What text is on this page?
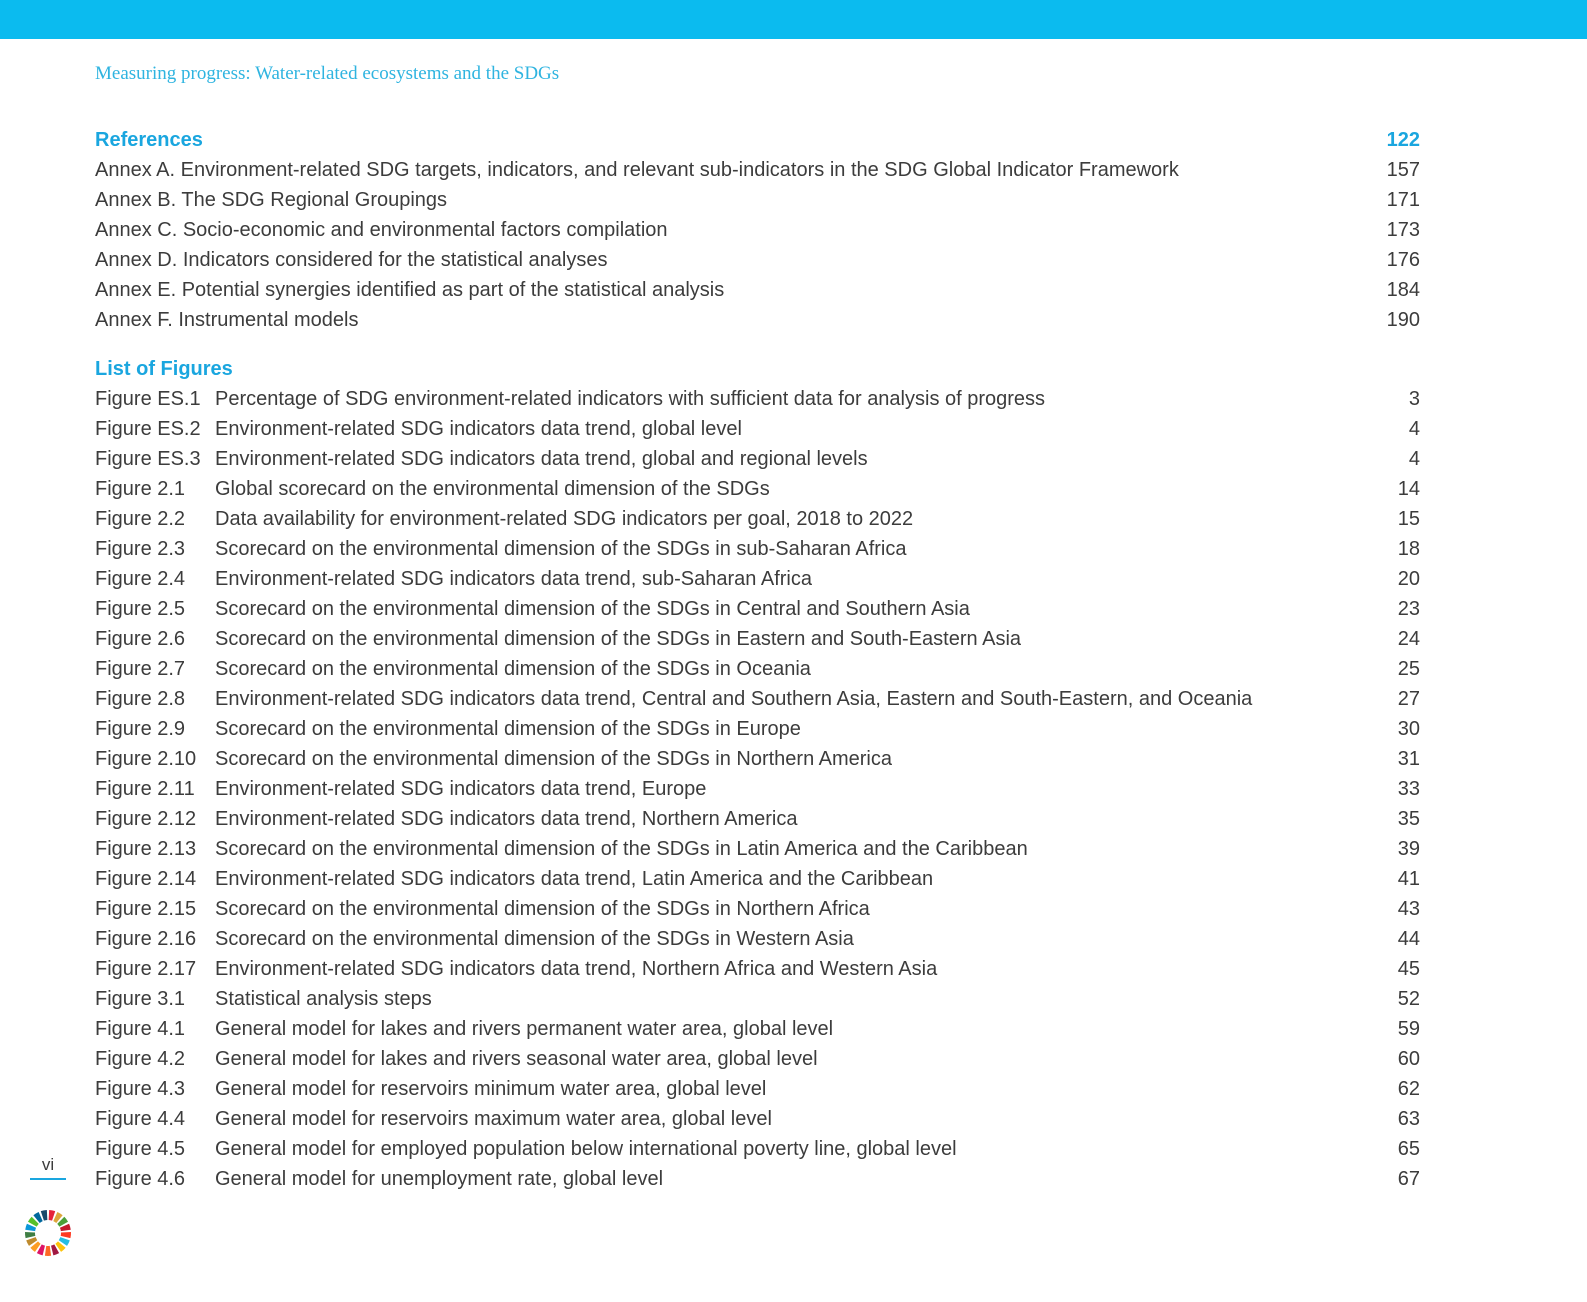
Measuring progress: Water-related ecosystems and the SDGs
References	122
Annex A. Environment-related SDG targets, indicators, and relevant sub-indicators in the SDG Global Indicator Framework	157
Annex B. The SDG Regional Groupings	171
Annex C. Socio-economic and environmental factors compilation	173
Annex D. Indicators considered for the statistical analyses	176
Annex E. Potential synergies identified as part of the statistical analysis	184
Annex F. Instrumental models	190
List of Figures
Figure ES.1 Percentage of SDG environment-related indicators with sufficient data for analysis of progress	3
Figure ES.2 Environment-related SDG indicators data trend, global level	4
Figure ES.3 Environment-related SDG indicators data trend, global and regional levels	4
Figure 2.1 Global scorecard on the environmental dimension of the SDGs	14
Figure 2.2 Data availability for environment-related SDG indicators per goal, 2018 to 2022	15
Figure 2.3 Scorecard on the environmental dimension of the SDGs in sub-Saharan Africa	18
Figure 2.4 Environment-related SDG indicators data trend, sub-Saharan Africa	20
Figure 2.5 Scorecard on the environmental dimension of the SDGs in Central and Southern Asia	23
Figure 2.6 Scorecard on the environmental dimension of the SDGs in Eastern and South-Eastern Asia	24
Figure 2.7 Scorecard on the environmental dimension of the SDGs in Oceania	25
Figure 2.8 Environment-related SDG indicators data trend, Central and Southern Asia, Eastern and South-Eastern, and Oceania	27
Figure 2.9 Scorecard on the environmental dimension of the SDGs in Europe	30
Figure 2.10 Scorecard on the environmental dimension of the SDGs in Northern America	31
Figure 2.11 Environment-related SDG indicators data trend, Europe	33
Figure 2.12 Environment-related SDG indicators data trend, Northern America	35
Figure 2.13 Scorecard on the environmental dimension of the SDGs in Latin America and the Caribbean	39
Figure 2.14 Environment-related SDG indicators data trend, Latin America and the Caribbean	41
Figure 2.15 Scorecard on the environmental dimension of the SDGs in Northern Africa	43
Figure 2.16 Scorecard on the environmental dimension of the SDGs in Western Asia	44
Figure 2.17 Environment-related SDG indicators data trend, Northern Africa and Western Asia	45
Figure 3.1 Statistical analysis steps	52
Figure 4.1 General model for lakes and rivers permanent water area, global level	59
Figure 4.2 General model for lakes and rivers seasonal water area, global level	60
Figure 4.3 General model for reservoirs minimum water area, global level	62
Figure 4.4 General model for reservoirs maximum water area, global level	63
Figure 4.5 General model for employed population below international poverty line, global level	65
Figure 4.6 General model for unemployment rate, global level	67
vi
